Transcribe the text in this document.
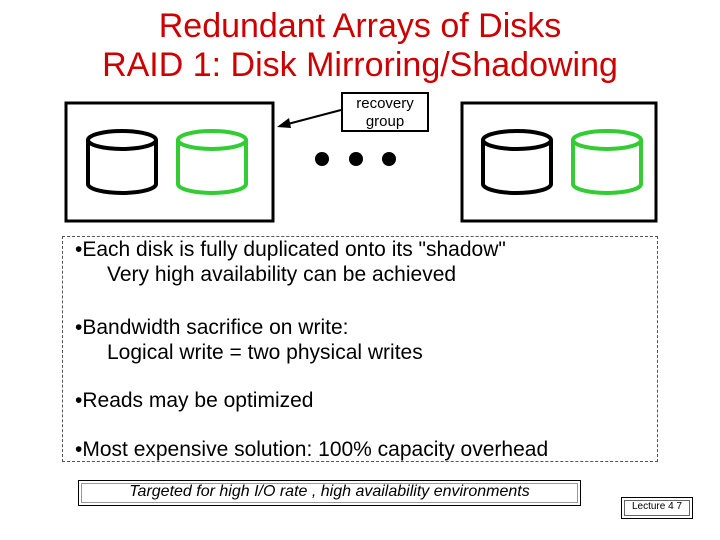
Redundant Arrays of Disks
RAID 1: Disk Mirroring/Shadowing
recovery
group
•Each disk is fully duplicated onto its "shadow"
Very high availability can be achieved
•Bandwidth sacrifice on write:
Logical write = two physical writes
•Reads may be optimized
•Most expensive solution: 100% capacity overhead
Targeted for high I/O rate , high availability environments
Lecture 4 7
